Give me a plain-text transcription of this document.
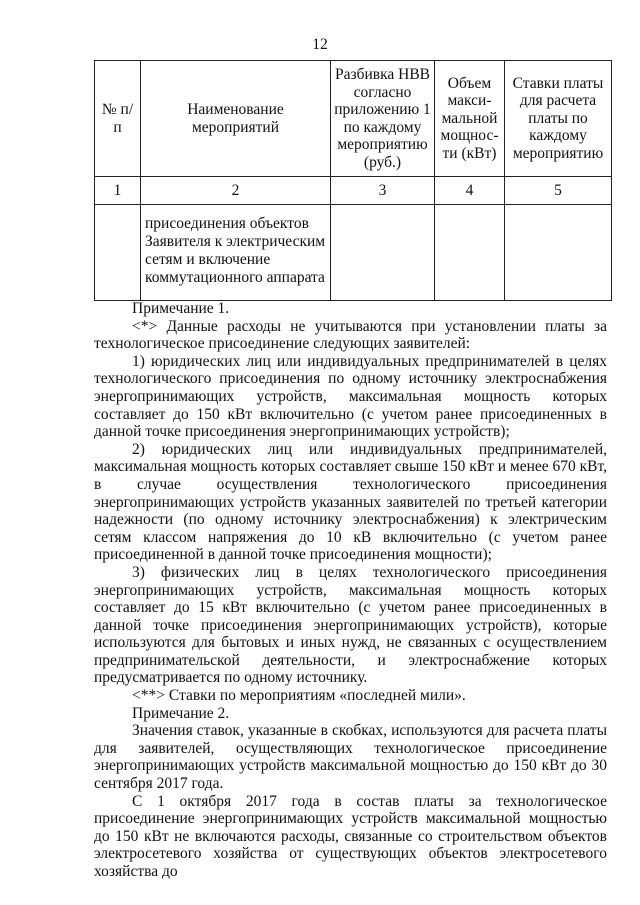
12
№ п/п	Наименование мероприятий	Разбивка НВВ согласно приложению 1 по каждому мероприятию (руб.)	Объем макси-мальной мощнос-ти (кВт)	Ставки платы для расчета платы по каждому мероприятию
1	2	3	4	5
	присоединения объектов Заявителя к электрическим сетям и включение коммутационного аппарата			

Примечание 1.

<*> Данные расходы не учитываются при установлении платы за технологическое присоединение следующих заявителей:

1) юридических лиц или индивидуальных предпринимателей в целях технологического присоединения по одному источнику электроснабжения энергопринимающих устройств, максимальная мощность которых составляет до 150 кВт включительно (с учетом ранее присоединенных в данной точке присоединения энергопринимающих устройств);

2) юридических лиц или индивидуальных предпринимателей, максимальная мощность которых составляет свыше 150 кВт и менее 670 кВт, в случае осуществления технологического присоединения энергопринимающих устройств указанных заявителей по третьей категории надежности (по одному источнику электроснабжения) к электрическим сетям классом напряжения до 10 кВ включительно (с учетом ранее присоединенной в данной точке присоединения мощности);

3) физических лиц в целях технологического присоединения энергопринимающих устройств, максимальная мощность которых составляет до 15 кВт включительно (с учетом ранее присоединенных в данной точке присоединения энергопринимающих устройств), которые используются для бытовых и иных нужд, не связанных с осуществлением предпринимательской деятельности, и электроснабжение которых предусматривается по одному источнику.

<**> Ставки по мероприятиям «последней мили».

Примечание 2.

Значения ставок, указанные в скобках, используются для расчета платы для заявителей, осуществляющих технологическое присоединение энергопринимающих устройств максимальной мощностью до 150 кВт до 30 сентября 2017 года.

С 1 октября 2017 года в состав платы за технологическое присоединение энергопринимающих устройств максимальной мощностью до 150 кВт не включаются расходы, связанные со строительством объектов электросетевого хозяйства от существующих объектов электросетевого хозяйства до
